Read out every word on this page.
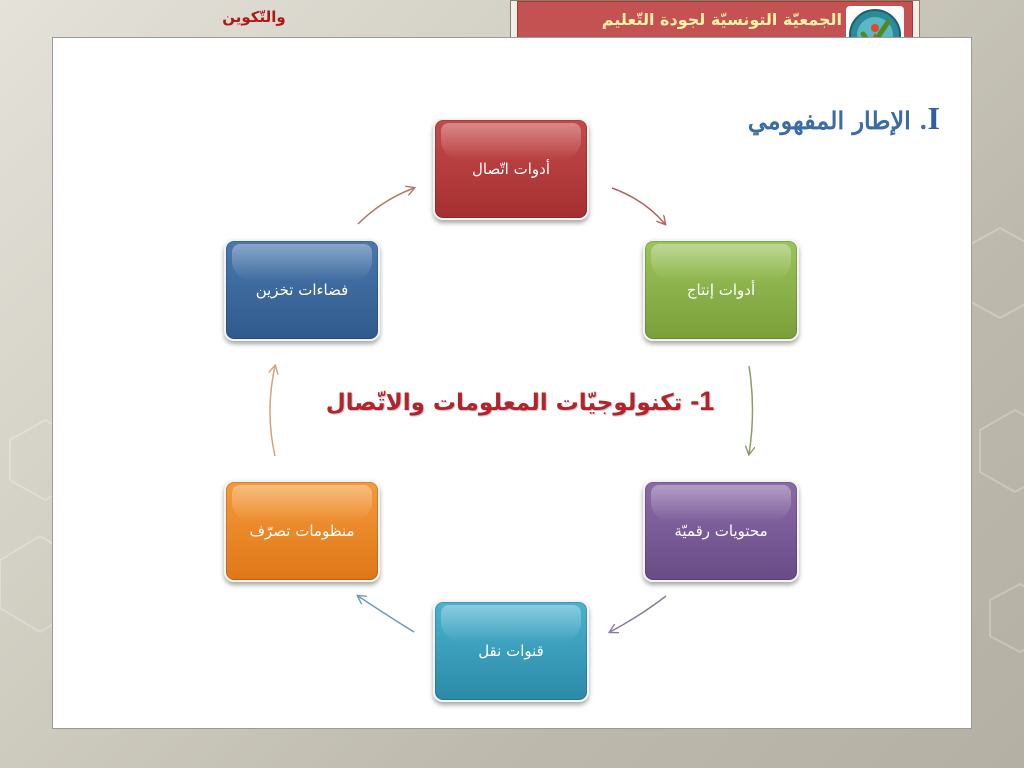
والتّكوين	الجمعيّة التونسيّة لجودة التّعليم
I. الإطار المفهومي
1- تكنولوجيّات المعلومات والاتّصال
أدوات اتّصال
أدوات إنتاج
محتويات رقميّة
قنوات نقل
منظومات تصرّف
فضاءات تخزين
